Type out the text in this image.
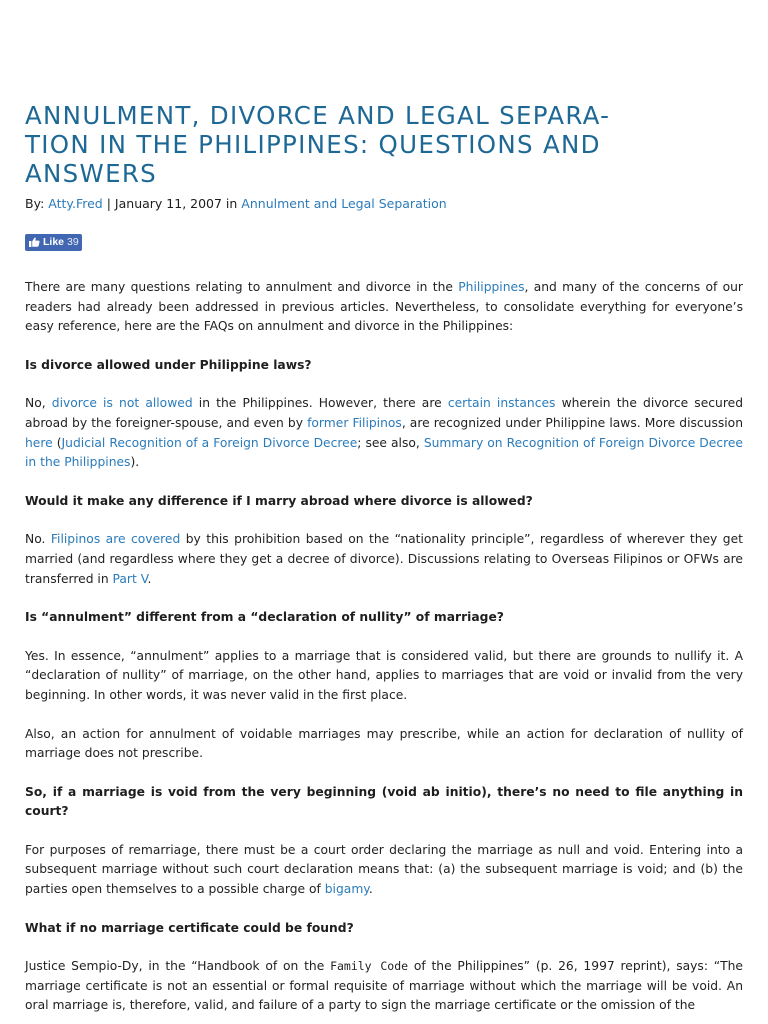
ANNULMENT, DIVORCE AND LEGAL SEPARA-
TION IN THE PHILIPPINES: QUESTIONS AND
ANSWERS
By: Atty.Fred | January 11, 2007 in Annulment and Legal Separation
Like 39

There are many questions relating to annulment and divorce in the Philippines, and many of the concerns of our readers had already been addressed in previous articles. Nevertheless, to consolidate everything for everyone’s easy reference, here are the FAQs on annulment and divorce in the Philippines:

Is divorce allowed under Philippine laws?

No, divorce is not allowed in the Philippines. However, there are certain instances wherein the divorce secured abroad by the foreigner-spouse, and even by former Filipinos, are recognized under Philippine laws. More discussion here (Judicial Recognition of a Foreign Divorce Decree; see also, Summary on Recognition of Foreign Divorce Decree in the Philippines).

Would it make any difference if I marry abroad where divorce is allowed?

No. Filipinos are covered by this prohibition based on the “nationality principle”, regardless of wherever they get married (and regardless where they get a decree of divorce). Discussions relating to Overseas Filipinos or OFWs are transferred in Part V.

Is “annulment” different from a “declaration of nullity” of marriage?

Yes. In essence, “annulment” applies to a marriage that is considered valid, but there are grounds to nullify it. A “declaration of nullity” of marriage, on the other hand, applies to marriages that are void or invalid from the very beginning. In other words, it was never valid in the first place.

Also, an action for annulment of voidable marriages may prescribe, while an action for declaration of nullity of marriage does not prescribe.

So, if a marriage is void from the very beginning (void ab initio), there’s no need to file anything in court?

For purposes of remarriage, there must be a court order declaring the marriage as null and void. Entering into a subsequent marriage without such court declaration means that: (a) the subsequent marriage is void; and (b) the parties open themselves to a possible charge of bigamy.

What if no marriage certificate could be found?

Justice Sempio-Dy, in the “Handbook of on the Family Code of the Philippines” (p. 26, 1997 reprint), says: “The marriage certificate is not an essential or formal requisite of marriage without which the marriage will be void. An oral marriage is, therefore, valid, and failure of a party to sign the marriage certificate or the omission of the
